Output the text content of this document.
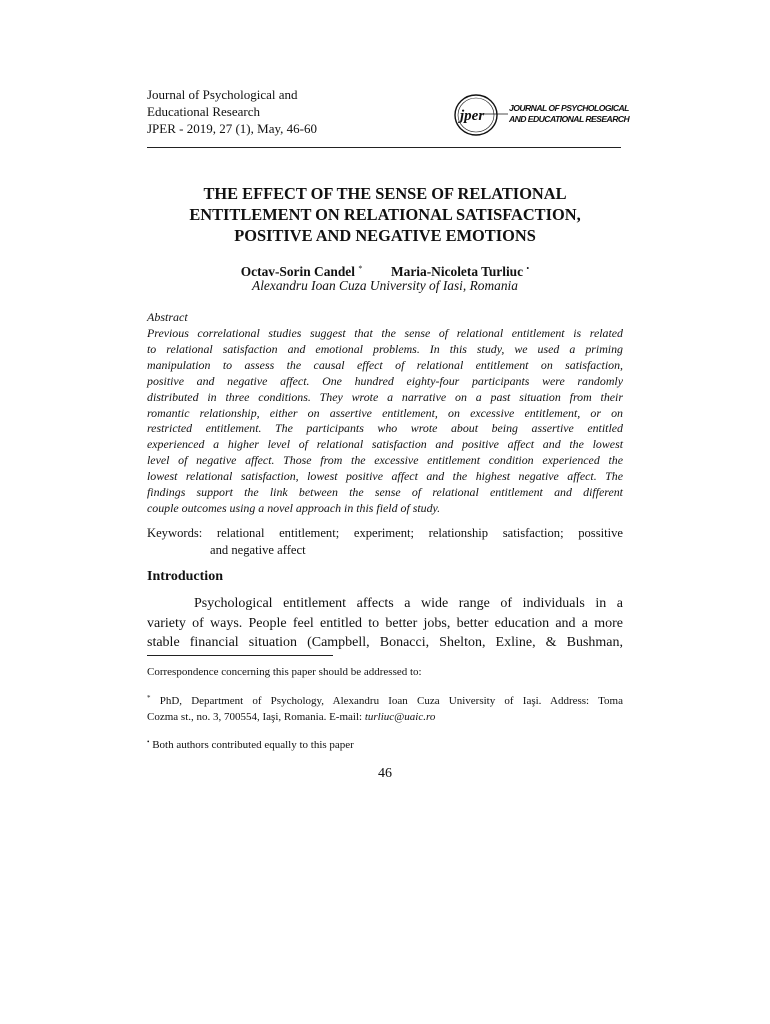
Journal of Psychological and
Educational Research
JPER - 2019, 27 (1), May, 46-60
jper	JOURNAL OF PSYCHOLOGICAL
AND EDUCATIONAL RESEARCH
THE EFFECT OF THE SENSE OF RELATIONAL
ENTITLEMENT ON RELATIONAL SATISFACTION,
POSITIVE AND NEGATIVE EMOTIONS
Octav-Sorin Candel * Maria-Nicoleta Turliuc •
Alexandru Ioan Cuza University of Iasi, Romania
Abstract
Previous correlational studies suggest that the sense of relational entitlement is related
to relational satisfaction and emotional problems. In this study, we used a priming
manipulation to assess the causal effect of relational entitlement on satisfaction,
positive and negative affect. One hundred eighty-four participants were randomly
distributed in three conditions. They wrote a narrative on a past situation from their
romantic relationship, either on assertive entitlement, on excessive entitlement, or on
restricted entitlement. The participants who wrote about being assertive entitled
experienced a higher level of relational satisfaction and positive affect and the lowest
level of negative affect. Those from the excessive entitlement condition experienced the
lowest relational satisfaction, lowest positive affect and the highest negative affect. The
findings support the link between the sense of relational entitlement and different
couple outcomes using a novel approach in this field of study.
Keywords: relational entitlement; experiment; relationship satisfaction; possitive
and negative affect
Introduction
Psychological entitlement affects a wide range of individuals in a
variety of ways. People feel entitled to better jobs, better education and a more
stable financial situation (Campbell, Bonacci, Shelton, Exline, & Bushman,
Correspondence concerning this paper should be addressed to:
* PhD, Department of Psychology, Alexandru Ioan Cuza University of Iaşi. Address: Toma
Cozma st., no. 3, 700554, Iaşi, Romania. E-mail: turliuc@uaic.ro
• Both authors contributed equally to this paper
46
